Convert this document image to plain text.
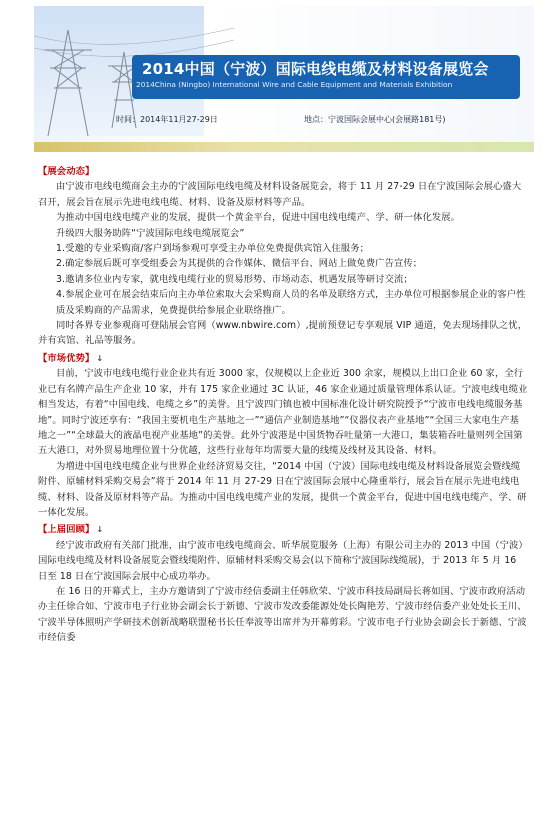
2014中国（宁波）国际电线电缆及材料设备展览会
2014China (Ningbo) International Wire and Cable Equipment and Materials Exhibition
时间：2014年11月27-29日	地点：宁波国际会展中心(会展路181号)

【展会动态】

由宁波市电线电缆商会主办的宁波国际电线电缆及材料设备展览会，将于 11 月 27-29 日在宁波国际会展心盛大召开，展会旨在展示先进电线电缆、材料、设备及原材料等产品。

为推动中国电线电缆产业的发展，提供一个黄金平台，促进中国电线电缆产、学、研一体化发展。

升级四大服务助阵“宁波国际电线电缆展览会”

1.受邀的专业采购商/客户到场参观可享受主办单位免费提供宾馆入住服务；

2.确定参展后既可享受组委会为其提供的合作媒体、微信平台、网站上做免费广告宣传；

3.邀请多位业内专家，就电线电缆行业的贸易形势、市场动态、机遇发展等研讨交流；

4.参展企业可在展会结束后向主办单位索取大会采购商人员的名单及联络方式，主办单位可根据参展企业的客户性质及采购商的产品需求，免费提供给参展企业联络推广。

同时各界专业参观商可登陆展会官网（www.nbwire.com）,提前预登记专享观展 VIP 通道，免去现场排队之忧，并有宾馆、礼品等服务。

【市场优势】 ↓

目前，宁波市电线电缆行业企业共有近 3000 家，仅规模以上企业近 300 余家，规模以上出口企业 60 家，全行业已有名牌产品生产企业 10 家，并有 175 家企业通过 3C 认证，46 家企业通过质量管理体系认证。宁波电线电缆业相当发达，有着“中国电线、电缆之乡”的美誉。且宁波四门镇也被中国标准化设计研究院授予“宁波市电线电缆服务基地”。同时宁波还享有：“我国主要机电生产基地之一”“通信产业制造基地”“仪器仪表产业基地”“全国三大家电生产基地之一”“全球最大的液晶电视产业基地”的美誉。此外宁波港是中国货物吞吐量第一大港口，集装箱吞吐量则列全国第五大港口，对外贸易地理位置十分优越，这些行业每年均需要大量的线缆及线材及其设备、材料。

为増进中国电线电缆企业与世界企业经济贸易交往，“2014 中国（宁波）国际电线电缆及材料设备展览会暨线缆附件、原辅材料采购交易会”将于 2014 年 11 月 27-29 日在宁波国际会展中心隆重举行，展会旨在展示先进电线电缆、材料、设备及原材料等产品。为推动中国电线电缆产业的发展，提供一个黄金平台，促进中国电线电缆产、学、研一体化发展。

【上届回顾】 ↓

经宁波市政府有关部门批准，由宁波市电线电缆商会、昕华展览服务（上海）有限公司主办的 2013 中国（宁波）国际电线电缆及材料设备展览会暨线缆附件、原辅材料采购交易会(以下简称宁波国际线缆展)，于 2013 年 5 月 16 日至 18 日在宁波国际会展中心成功举办。

在 16 日的开幕式上，主办方邀请到了宁波市经信委副主任韩欣荣、宁波市科技局副局长蒋如国、宁波市政府活动办主任徐合如、宁波市电子行业协会副会长于新德、宁波市发改委能源处处长陶艳芳、宁波市经信委产业处处长王川、宁波半导体照明产学研技术创新战略联盟秘书长任奉波等出席并为开幕剪彩。宁波市电子行业协会副会长于新德、宁波市经信委
